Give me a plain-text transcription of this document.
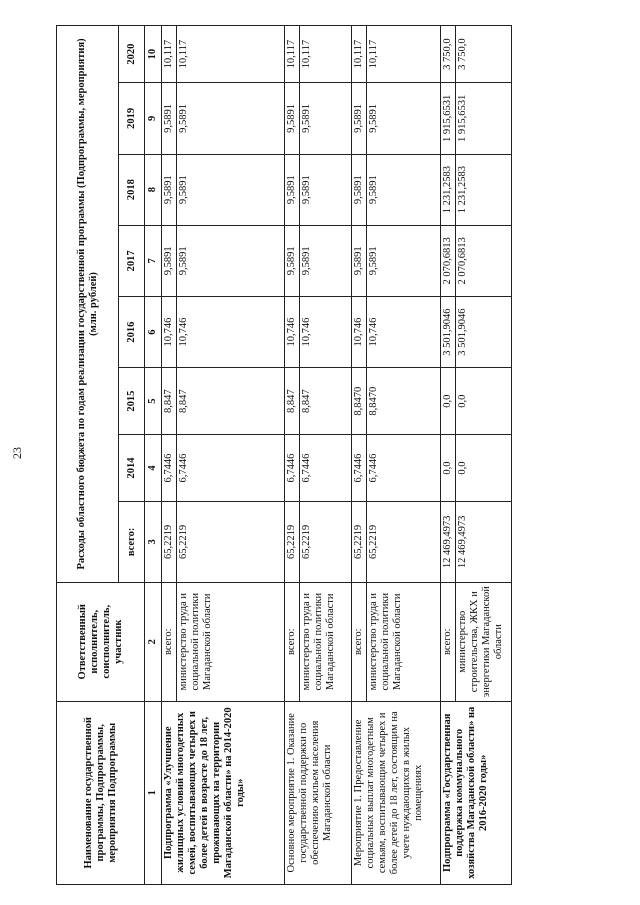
23
Наименование государственной программы, Подпрограммы, мероприятия Подпрограммы	Ответственный исполнитель, соисполнитель, участник	Расходы областного бюджета по годам реализации государственной программы (Подпрограммы, мероприятия) (млн. рублей)							
		всего:	2014	2015	2016	2017	2018	2019	2020
1	2	3	4	5	6	7	8	9	10
Подпрограмма «Улучшение жилищных условий многодетных семей, воспитывающих четырех и более детей в возрасте до 18 лет, проживающих на территории Магаданской области» на 2014-2020 годы»	всего:	65,2219	6,7446	8,847	10,746	9,5891	9,5891	9,5891	10,117
	министерство труда и социальной политики Магаданской области	65,2219	6,7446	8,847	10,746	9,5891	9,5891	9,5891	10,117
Основное мероприятие 1. Оказание государственной поддержки по обеспечению жильем населения Магаданской области	всего:	65,2219	6,7446	8,847	10,746	9,5891	9,5891	9,5891	10,117
	министерство труда и социальной политики Магаданской области	65,2219	6,7446	8,847	10,746	9,5891	9,5891	9,5891	10,117
Мероприятие 1. Предоставление социальных выплат многодетным семьям, воспитывающим четырех и более детей до 18 лет, состоящим на учете нуждающихся в жилых помещениях	всего:	65,2219	6,7446	8,8470	10,746	9,5891	9,5891	9,5891	10,117
	министерство труда и социальной политики Магаданской области	65,2219	6,7446	8,8470	10,746	9,5891	9,5891	9,5891	10,117
Подпрограмма «Государственная поддержка коммунального хозяйства Магаданской области» на 2016-2020 годы»	всего:	12 469,4973	0,0	0,0	3 501,9046	2 070,6813	1 231,2583	1 915,6531	3 750,0
	министерство строительства, ЖКХ и энергетики Магаданской области	12 469,4973	0,0	0,0	3 501,9046	2 070,6813	1 231,2583	1 915,6531	3 750,0
